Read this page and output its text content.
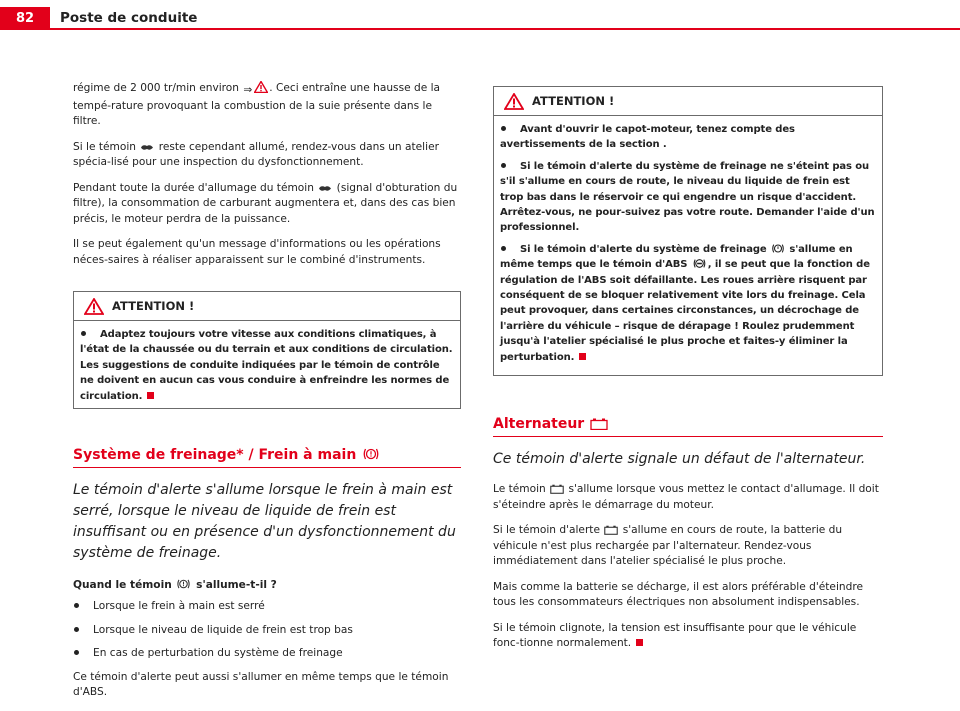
82	Poste de conduite

régime de 2 000 tr/min environ ⇒ . Ceci entraîne une hausse de la tempé-rature provoquant la combustion de la suie présente dans le filtre.

Si le témoin  reste cependant allumé, rendez-vous dans un atelier spécia-lisé pour une inspection du dysfonctionnement.

Pendant toute la durée d'allumage du témoin  (signal d'obturation du filtre), la consommation de carburant augmentera et, dans des cas bien précis, le moteur perdra de la puissance.

Il se peut également qu'un message d'informations ou les opérations néces-saires à réaliser apparaissent sur le combiné d'instruments.

ATTENTION !
Adaptez toujours votre vitesse aux conditions climatiques, à l'état de la chaussée ou du terrain et aux conditions de circulation. Les suggestions de conduite indiquées par le témoin de contrôle ne doivent en aucun cas vous conduire à enfreindre les normes de circulation.
Système de freinage* / Frein à main
Le témoin d'alerte s'allume lorsque le frein à main est serré, lorsque le niveau de liquide de frein est insuffisant ou en présence d'un dysfonctionnement du système de freinage.
Quand le témoin  s'allume-t-il ?
Lorsque le frein à main est serré
Lorsque le niveau de liquide de frein est trop bas
En cas de perturbation du système de freinage

Ce témoin d'alerte peut aussi s'allumer en même temps que le témoin d'ABS.

ATTENTION !
Avant d'ouvrir le capot-moteur, tenez compte des avertissements de la section .
Si le témoin d'alerte du système de freinage ne s'éteint pas ou s'il s'allume en cours de route, le niveau du liquide de frein est trop bas dans le réservoir ce qui engendre un risque d'accident. Arrêtez-vous, ne pour-suivez pas votre route. Demander l'aide d'un professionnel.
Si le témoin d'alerte du système de freinage  s'allume en même temps que le témoin d'ABS , il se peut que la fonction de régulation de l'ABS soit défaillante. Les roues arrière risquent par conséquent de se bloquer relativement vite lors du freinage. Cela peut provoquer, dans certaines circonstances, un décrochage de l'arrière du véhicule – risque de dérapage ! Roulez prudemment jusqu'à l'atelier spécialisé le plus proche et faites-y éliminer la perturbation.
Alternateur
Ce témoin d'alerte signale un défaut de l'alternateur.

Le témoin  s'allume lorsque vous mettez le contact d'allumage. Il doit s'éteindre après le démarrage du moteur.

Si le témoin d'alerte  s'allume en cours de route, la batterie du véhicule n'est plus rechargée par l'alternateur. Rendez-vous immédiatement dans l'atelier spécialisé le plus proche.

Mais comme la batterie se décharge, il est alors préférable d'éteindre tous les consommateurs électriques non absolument indispensables.

Si le témoin clignote, la tension est insuffisante pour que le véhicule fonc-tionne normalement.
